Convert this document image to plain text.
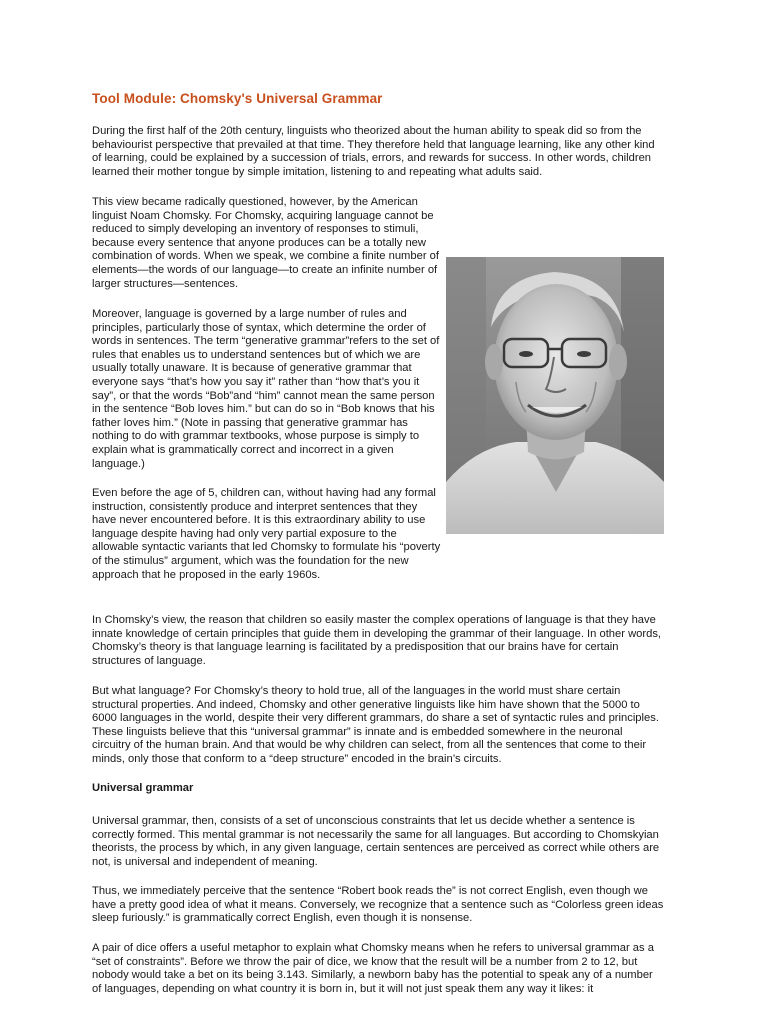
Tool Module: Chomsky's Universal Grammar

During the first half of the 20th century, linguists who theorized about the human ability to speak did so from the behaviourist perspective that prevailed at that time. They therefore held that language learning, like any other kind of learning, could be explained by a succession of trials, errors, and rewards for success. In other words, children learned their mother tongue by simple imitation, listening to and repeating what adults said.

This view became radically questioned, however, by the American linguist Noam Chomsky. For Chomsky, acquiring language cannot be reduced to simply developing an inventory of responses to stimuli, because every sentence that anyone produces can be a totally new combination of words. When we speak, we combine a finite number of elements—the words of our language—to create an infinite number of larger structures—sentences.

Moreover, language is governed by a large number of rules and principles, particularly those of syntax, which determine the order of words in sentences. The term “generative grammar”refers to the set of rules that enables us to understand sentences but of which we are usually totally unaware. It is because of generative grammar that everyone says “that’s how you say it” rather than “how that’s you it say”, or that the words “Bob”and “him” cannot mean the same person in the sentence “Bob loves him.” but can do so in “Bob knows that his father loves him.” (Note in passing that generative grammar has nothing to do with grammar textbooks, whose purpose is simply to explain what is grammatically correct and incorrect in a given language.)

Even before the age of 5, children can, without having had any formal instruction, consistently produce and interpret sentences that they have never encountered before. It is this extraordinary ability to use language despite having had only very partial exposure to the allowable syntactic variants that led Chomsky to formulate his “poverty of the stimulus” argument, which was the foundation for the new approach that he proposed in the early 1960s.

In Chomsky’s view, the reason that children so easily master the complex operations of language is that they have innate knowledge of certain principles that guide them in developing the grammar of their language. In other words, Chomsky’s theory is that language learning is facilitated by a predisposition that our brains have for certain structures of language.

But what language? For Chomsky’s theory to hold true, all of the languages in the world must share certain structural properties. And indeed, Chomsky and other generative linguists like him have shown that the 5000 to 6000 languages in the world, despite their very different grammars, do share a set of syntactic rules and principles. These linguists believe that this “universal grammar” is innate and is embedded somewhere in the neuronal circuitry of the human brain. And that would be why children can select, from all the sentences that come to their minds, only those that conform to a “deep structure” encoded in the brain’s circuits.

Universal grammar

Universal grammar, then, consists of a set of unconscious constraints that let us decide whether a sentence is correctly formed. This mental grammar is not necessarily the same for all languages. But according to Chomskyian theorists, the process by which, in any given language, certain sentences are perceived as correct while others are not, is universal and independent of meaning.

Thus, we immediately perceive that the sentence “Robert book reads the” is not correct English, even though we have a pretty good idea of what it means. Conversely, we recognize that a sentence such as “Colorless green ideas sleep furiously.” is grammatically correct English, even though it is nonsense.

A pair of dice offers a useful metaphor to explain what Chomsky means when he refers to universal grammar as a “set of constraints”. Before we throw the pair of dice, we know that the result will be a number from 2 to 12, but nobody would take a bet on its being 3.143. Similarly, a newborn baby has the potential to speak any of a number of languages, depending on what country it is born in, but it will not just speak them any way it likes: it
